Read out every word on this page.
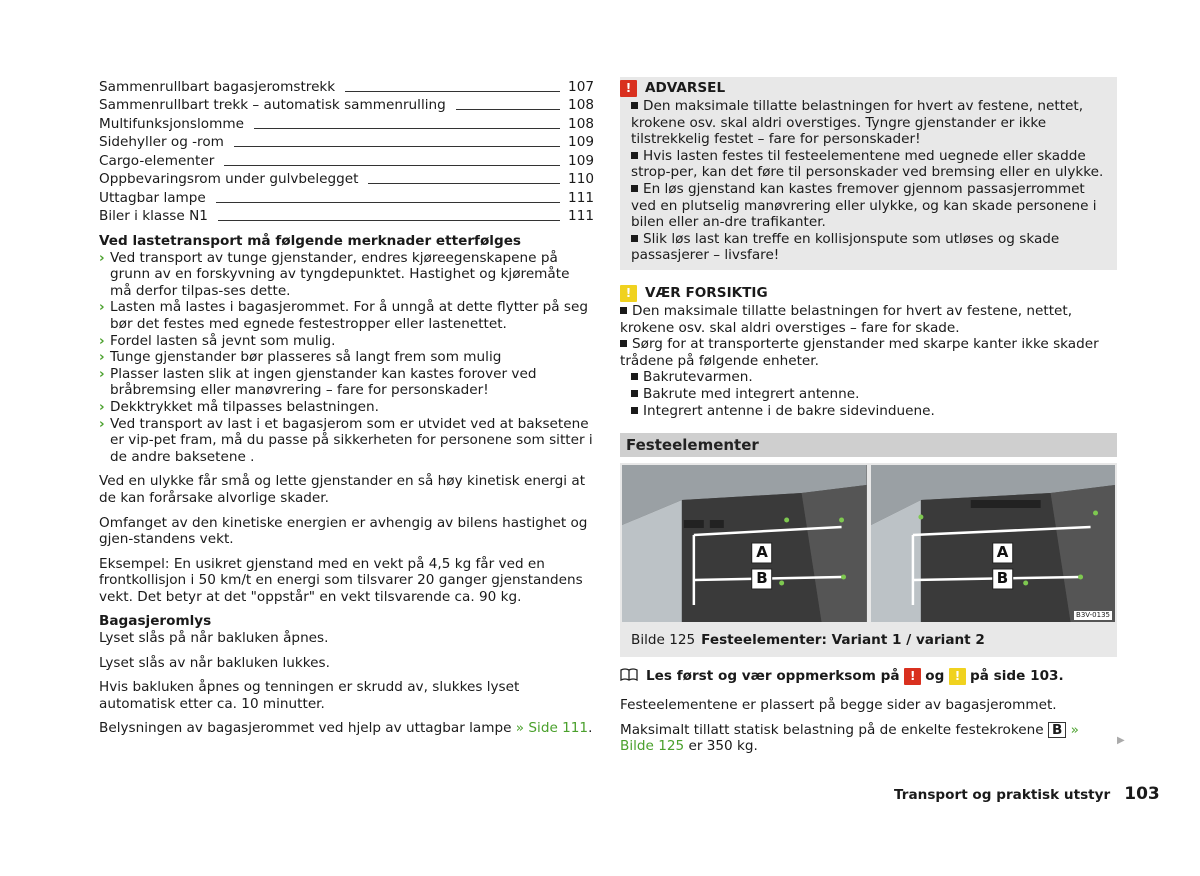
Sammenrullbart bagasjeromstrekk	107
Sammenrullbart trekk – automatisk sammenrulling	108
Multifunksjonslomme	108
Sidehyller og -rom	109
Cargo-elementer	109
Oppbevaringsrom under gulvbelegget	110
Uttagbar lampe	111
Biler i klasse N1	111
Ved lastetransport må følgende merknader etterfølges
› Ved transport av tunge gjenstander, endres kjøreegenskapene på grunn av en forskyvning av tyngdepunktet. Hastighet og kjøremåte må derfor tilpas-ses dette.
› Lasten må lastes i bagasjerommet. For å unngå at dette flytter på seg bør det festes med egnede festestropper eller lastenettet.
› Fordel lasten så jevnt som mulig.
› Tunge gjenstander bør plasseres så langt frem som mulig
› Plasser lasten slik at ingen gjenstander kan kastes forover ved bråbremsing eller manøvrering – fare for personskader!
› Dekktrykket må tilpasses belastningen.
› Ved transport av last i et bagasjerom som er utvidet ved at baksetene er vip-pet fram, må du passe på sikkerheten for personene som sitter i de andre baksetene .
Ved en ulykke får små og lette gjenstander en så høy kinetisk energi at de kan forårsake alvorlige skader.
Omfanget av den kinetiske energien er avhengig av bilens hastighet og gjen-standens vekt.
Eksempel: En usikret gjenstand med en vekt på 4,5 kg får ved en frontkollisjon i 50 km/t en energi som tilsvarer 20 ganger gjenstandens vekt. Det betyr at det "oppstår" en vekt tilsvarende ca. 90 kg.
Bagasjeromlys
Lyset slås på når bakluken åpnes.
Lyset slås av når bakluken lukkes.
Hvis bakluken åpnes og tenningen er skrudd av, slukkes lyset automatisk etter ca. 10 minutter.
Belysningen av bagasjerommet ved hjelp av uttagbar lampe » Side 111.
!	ADVARSEL
Den maksimale tillatte belastningen for hvert av festene, nettet, krokene osv. skal aldri overstiges. Tyngre gjenstander er ikke tilstrekkelig festet – fare for personskader!
Hvis lasten festes til festeelementene med uegnede eller skadde strop-per, kan det føre til personskader ved bremsing eller en ulykke.
En løs gjenstand kan kastes fremover gjennom passasjerrommet ved en plutselig manøvrering eller ulykke, og kan skade personene i bilen eller an-dre trafikanter.
Slik løs last kan treffe en kollisjonspute som utløses og skade passasjerer – livsfare!
!	VÆR FORSIKTIG
Den maksimale tillatte belastningen for hvert av festene, nettet, krokene osv. skal aldri overstiges – fare for skade.
Sørg for at transporterte gjenstander med skarpe kanter ikke skader trådene på følgende enheter.
Bakrutevarmen.
Bakrute med integrert antenne.
Integrert antenne i de bakre sidevinduene.
Festeelementer
A
B
A
B
B3V-0135
Bilde 125 Festeelementer: Variant 1 / variant 2
Les først og vær oppmerksom på
! og
! på side 103.
Festeelementene er plassert på begge sider av bagasjerommet.
Maksimalt tillatt statisk belastning på de enkelte festekrokene B » Bilde 125 er 350 kg.	▶
Transport og praktisk utstyr 103
